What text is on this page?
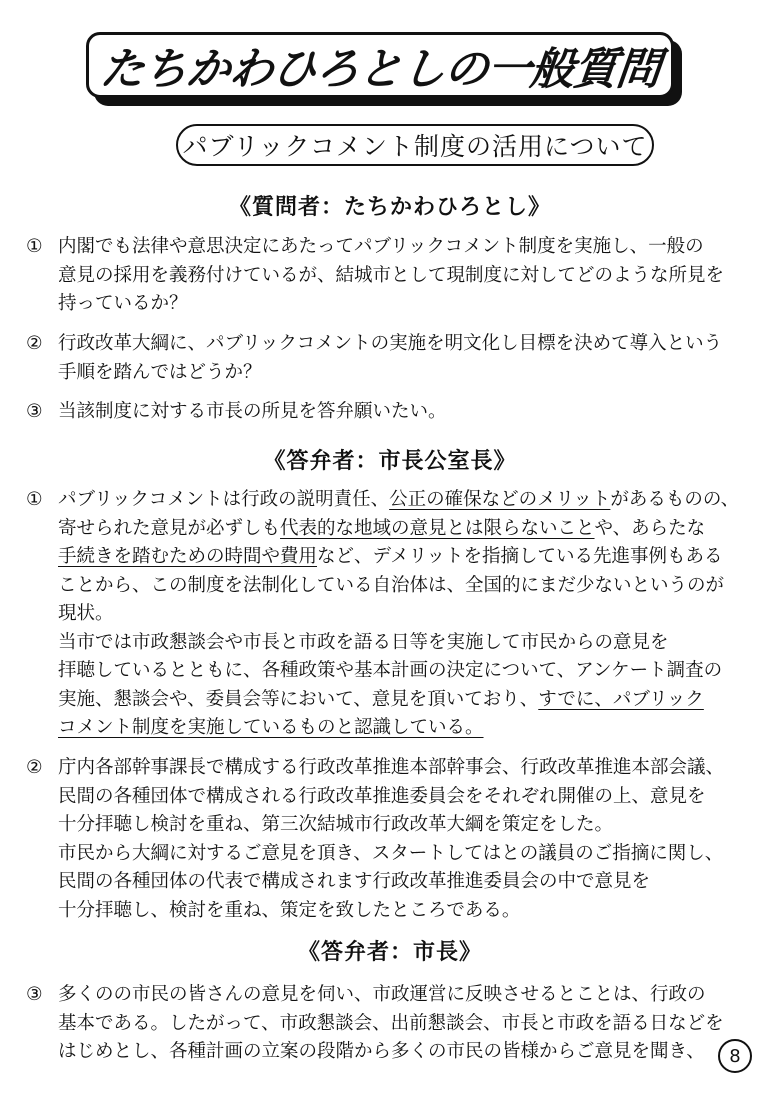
たちかわひろとしの一般質問
パブリックコメント制度の活用について
《質問者：たちかわひろとし》
① 内閣でも法律や意思決定にあたってパブリックコメント制度を実施し、一般の
意見の採用を義務付けているが、結城市として現制度に対してどのような所見を
持っているか？
② 行政改革大綱に、パブリックコメントの実施を明文化し目標を決めて導入という
手順を踏んではどうか？
③ 当該制度に対する市長の所見を答弁願いたい。
《答弁者：市長公室長》
① パブリックコメントは行政の説明責任、公正の確保などのメリットがあるものの、
寄せられた意見が必ずしも代表的な地域の意見とは限らないことや、あらたな
手続きを踏むための時間や費用など、デメリットを指摘している先進事例もある
ことから、この制度を法制化している自治体は、全国的にまだ少ないというのが
現状。
当市では市政懇談会や市長と市政を語る日等を実施して市民からの意見を
拝聴しているとともに、各種政策や基本計画の決定について、アンケート調査の
実施、懇談会や、委員会等において、意見を頂いており、すでに、パブリック
コメント制度を実施しているものと認識している。
② 庁内各部幹事課長で構成する行政改革推進本部幹事会、行政改革推進本部会議、
民間の各種団体で構成される行政改革推進委員会をそれぞれ開催の上、意見を
十分拝聴し検討を重ね、第三次結城市行政改革大綱を策定をした。
市民から大綱に対するご意見を頂き、スタートしてはとの議員のご指摘に関し、
民間の各種団体の代表で構成されます行政改革推進委員会の中で意見を
十分拝聴し、検討を重ね、策定を致したところである。
《答弁者：市長》
③ 多くのの市民の皆さんの意見を伺い、市政運営に反映させるとことは、行政の
基本である。したがって、市政懇談会、出前懇談会、市長と市政を語る日などを
はじめとし、各種計画の立案の段階から多くの市民の皆様からご意見を聞き、	8
